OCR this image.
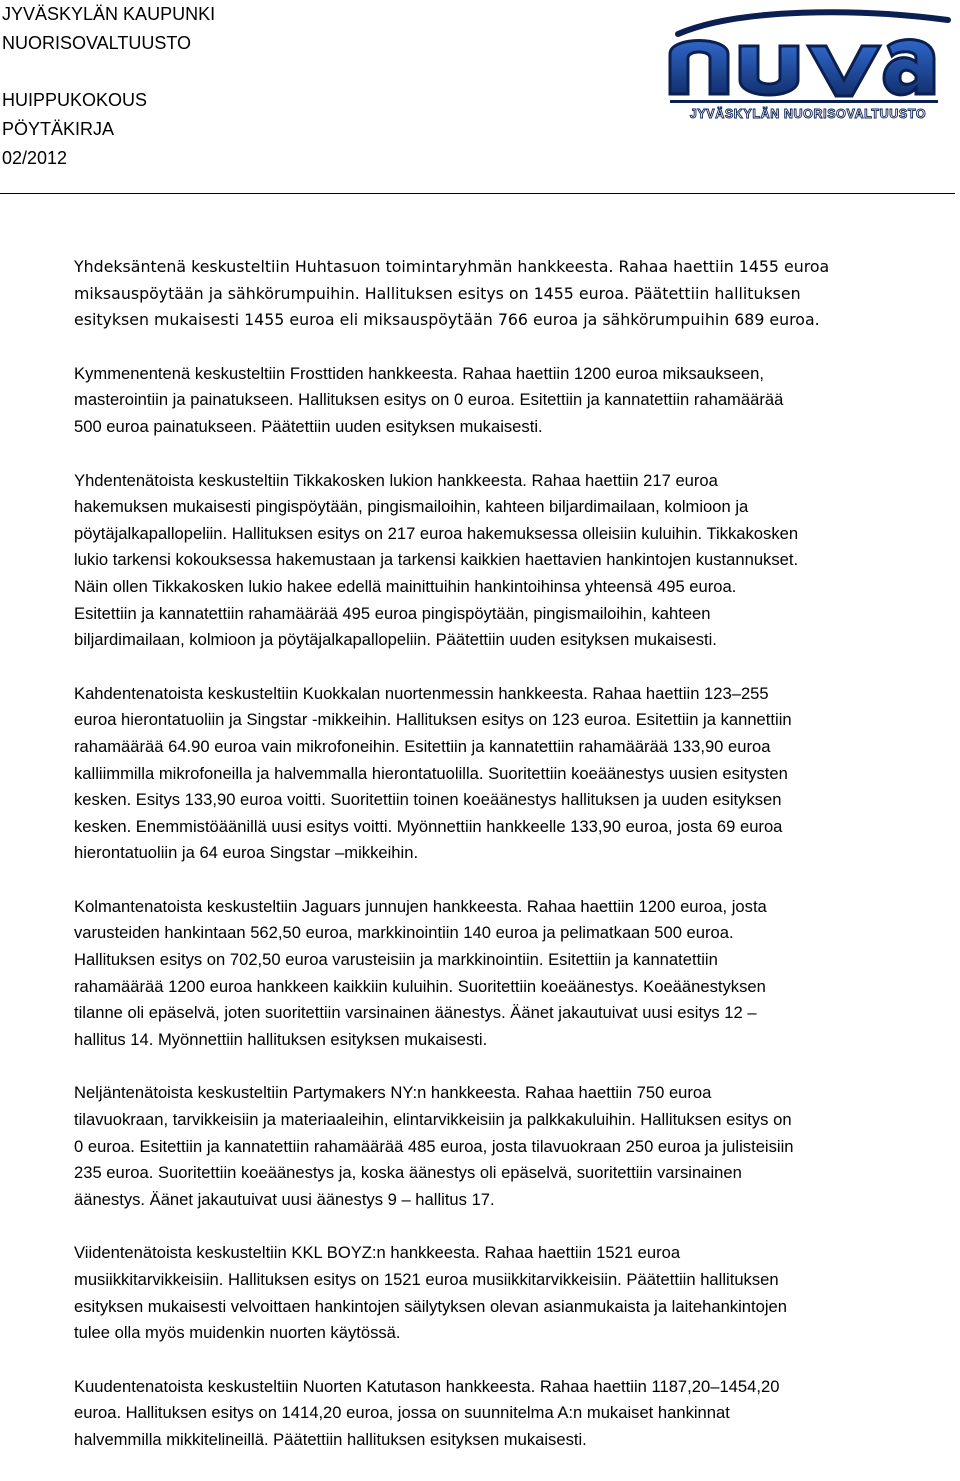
JYVÄSKYLÄN KAUPUNKI
NUORISOVALTUUSTO
HUIPPUKOKOUS
PÖYTÄKIRJA
02/2012
JYVÄSKYLÄN NUORISOVALTUUSTO
Yhdeksäntenä keskusteltiin Huhtasuon toimintaryhmän hankkeesta. Rahaa haettiin 1455 euroa
miksauspöytään ja sähkörumpuihin. Hallituksen esitys on 1455 euroa. Päätettiin hallituksen
esityksen mukaisesti 1455 euroa eli miksauspöytään 766 euroa ja sähkörumpuihin 689 euroa.
Kymmenentenä keskusteltiin Frosttiden hankkeesta. Rahaa haettiin 1200 euroa miksaukseen,
masterointiin ja painatukseen. Hallituksen esitys on 0 euroa. Esitettiin ja kannatettiin rahamäärää
500 euroa painatukseen. Päätettiin uuden esityksen mukaisesti.
Yhdentenätoista keskusteltiin Tikkakosken lukion hankkeesta. Rahaa haettiin 217 euroa
hakemuksen mukaisesti pingispöytään, pingismailoihin, kahteen biljardimailaan, kolmioon ja
pöytäjalkapallopeliin. Hallituksen esitys on 217 euroa hakemuksessa olleisiin kuluihin. Tikkakosken
lukio tarkensi kokouksessa hakemustaan ja tarkensi kaikkien haettavien hankintojen kustannukset.
Näin ollen Tikkakosken lukio hakee edellä mainittuihin hankintoihinsa yhteensä 495 euroa.
Esitettiin ja kannatettiin rahamäärää 495 euroa pingispöytään, pingismailoihin, kahteen
biljardimailaan, kolmioon ja pöytäjalkapallopeliin. Päätettiin uuden esityksen mukaisesti.
Kahdentenatoista keskusteltiin Kuokkalan nuortenmessin hankkeesta. Rahaa haettiin 123–255
euroa hierontatuoliin ja Singstar -mikkeihin. Hallituksen esitys on 123 euroa. Esitettiin ja kannettiin
rahamäärää 64.90 euroa vain mikrofoneihin. Esitettiin ja kannatettiin rahamäärää 133,90 euroa
kalliimmilla mikrofoneilla ja halvemmalla hierontatuolilla. Suoritettiin koeäänestys uusien esitysten
kesken. Esitys 133,90 euroa voitti. Suoritettiin toinen koeäänestys hallituksen ja uuden esityksen
kesken. Enemmistöäänillä uusi esitys voitti. Myönnettiin hankkeelle 133,90 euroa, josta 69 euroa
hierontatuoliin ja 64 euroa Singstar –mikkeihin.
Kolmantenatoista keskusteltiin Jaguars junnujen hankkeesta. Rahaa haettiin 1200 euroa, josta
varusteiden hankintaan 562,50 euroa, markkinointiin 140 euroa ja pelimatkaan 500 euroa.
Hallituksen esitys on 702,50 euroa varusteisiin ja markkinointiin. Esitettiin ja kannatettiin
rahamäärää 1200 euroa hankkeen kaikkiin kuluihin. Suoritettiin koeäänestys. Koeäänestyksen
tilanne oli epäselvä, joten suoritettiin varsinainen äänestys. Äänet jakautuivat uusi esitys 12 –
hallitus 14. Myönnettiin hallituksen esityksen mukaisesti.
Neljäntenätoista keskusteltiin Partymakers NY:n hankkeesta. Rahaa haettiin 750 euroa
tilavuokraan, tarvikkeisiin ja materiaaleihin, elintarvikkeisiin ja palkkakuluihin. Hallituksen esitys on
0 euroa. Esitettiin ja kannatettiin rahamäärää 485 euroa, josta tilavuokraan 250 euroa ja julisteisiin
235 euroa. Suoritettiin koeäänestys ja, koska äänestys oli epäselvä, suoritettiin varsinainen
äänestys. Äänet jakautuivat uusi äänestys 9 – hallitus 17.
Viidentenätoista keskusteltiin KKL BOYZ:n hankkeesta. Rahaa haettiin 1521 euroa
musiikkitarvikkeisiin. Hallituksen esitys on 1521 euroa musiikkitarvikkeisiin. Päätettiin hallituksen
esityksen mukaisesti velvoittaen hankintojen säilytyksen olevan asianmukaista ja laitehankintojen
tulee olla myös muidenkin nuorten käytössä.
Kuudentenatoista keskusteltiin Nuorten Katutason hankkeesta. Rahaa haettiin 1187,20–1454,20
euroa. Hallituksen esitys on 1414,20 euroa, jossa on suunnitelma A:n mukaiset hankinnat
halvemmilla mikkitelineillä. Päätettiin hallituksen esityksen mukaisesti.
